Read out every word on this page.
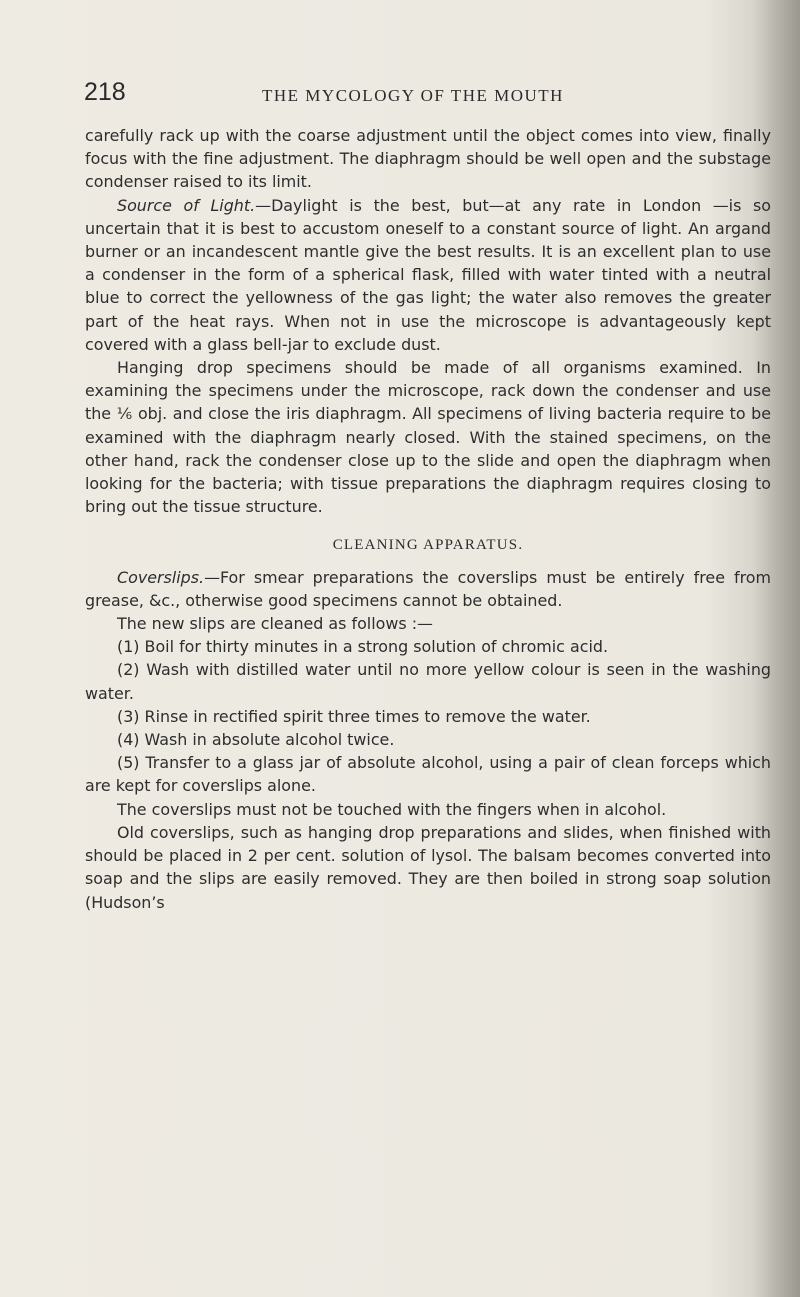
218	THE MYCOLOGY OF THE MOUTH

carefully rack up with the coarse adjustment until the object comes into view, finally focus with the fine adjustment. The diaphragm should be well open and the substage condenser raised to its limit.

Source of Light.—Daylight is the best, but—at any rate in London —is so uncertain that it is best to accustom oneself to a constant source of light. An argand burner or an incandescent mantle give the best results. It is an excellent plan to use a condenser in the form of a spherical flask, filled with water tinted with a neutral blue to correct the yellowness of the gas light; the water also removes the greater part of the heat rays. When not in use the microscope is advantageously kept covered with a glass bell-jar to exclude dust.

Hanging drop specimens should be made of all organisms examined. In examining the specimens under the microscope, rack down the condenser and use the ⅙ obj. and close the iris diaphragm. All specimens of living bacteria require to be examined with the diaphragm nearly closed. With the stained specimens, on the other hand, rack the condenser close up to the slide and open the diaphragm when looking for the bacteria; with tissue preparations the diaphragm requires closing to bring out the tissue structure.

CLEANING APPARATUS.

Coverslips.—For smear preparations the coverslips must be entirely free from grease, &c., otherwise good specimens cannot be obtained.

The new slips are cleaned as follows :—

(1) Boil for thirty minutes in a strong solution of chromic acid.

(2) Wash with distilled water until no more yellow colour is seen in the washing water.

(3) Rinse in rectified spirit three times to remove the water.

(4) Wash in absolute alcohol twice.

(5) Transfer to a glass jar of absolute alcohol, using a pair of clean forceps which are kept for coverslips alone.

The coverslips must not be touched with the fingers when in alcohol.

Old coverslips, such as hanging drop preparations and slides, when finished with should be placed in 2 per cent. solution of lysol. The balsam becomes converted into soap and the slips are easily removed. They are then boiled in strong soap solution (Hudson’s
